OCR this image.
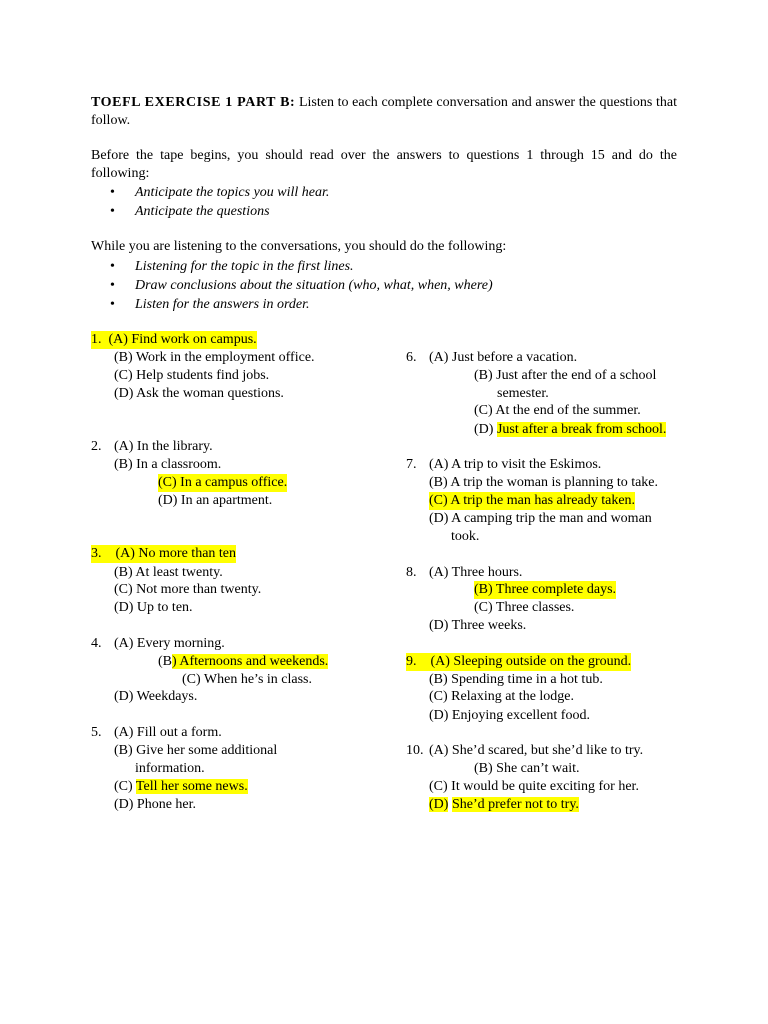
TOEFL EXERCISE 1 PART B: Listen to each complete conversation and answer the questions that follow.
Before the tape begins, you should read over the answers to questions 1 through 15 and do the following:
• Anticipate the topics you will hear.
• Anticipate the questions
While you are listening to the conversations, you should do the following:
• Listening for the topic in the first lines.
• Draw conclusions about the situation (who, what, when, where)
• Listen for the answers in order.
1. (A) Find work on campus.
(B) Work in the employment office.
(C) Help students find jobs.
(D) Ask the woman questions.
2. (A) In the library.
(B) In a classroom.
(C) In a campus office.
(D) In an apartment.
3. (A) No more than ten
(B) At least twenty.
(C) Not more than twenty.
(D) Up to ten.
4. (A) Every morning.
(B) Afternoons and weekends.
(C) When he’s in class.
(D) Weekdays.
5. (A) Fill out a form.
(B) Give her some additional
information.
(C) Tell her some news.
(D) Phone her.
6. (A) Just before a vacation.
(B) Just after the end of a school
semester.
(C) At the end of the summer.
(D) Just after a break from school.
7. (A) A trip to visit the Eskimos.
(B) A trip the woman is planning to take.
(C) A trip the man has already taken.
(D) A camping trip the man and woman
took.
8. (A) Three hours.
(B) Three complete days.
(C) Three classes.
(D) Three weeks.
9. (A) Sleeping outside on the ground.
(B) Spending time in a hot tub.
(C) Relaxing at the lodge.
(D) Enjoying excellent food.
10. (A) She’d scared, but she’d like to try.
(B) She can’t wait.
(C) It would be quite exciting for her.
(D) She’d prefer not to try.
